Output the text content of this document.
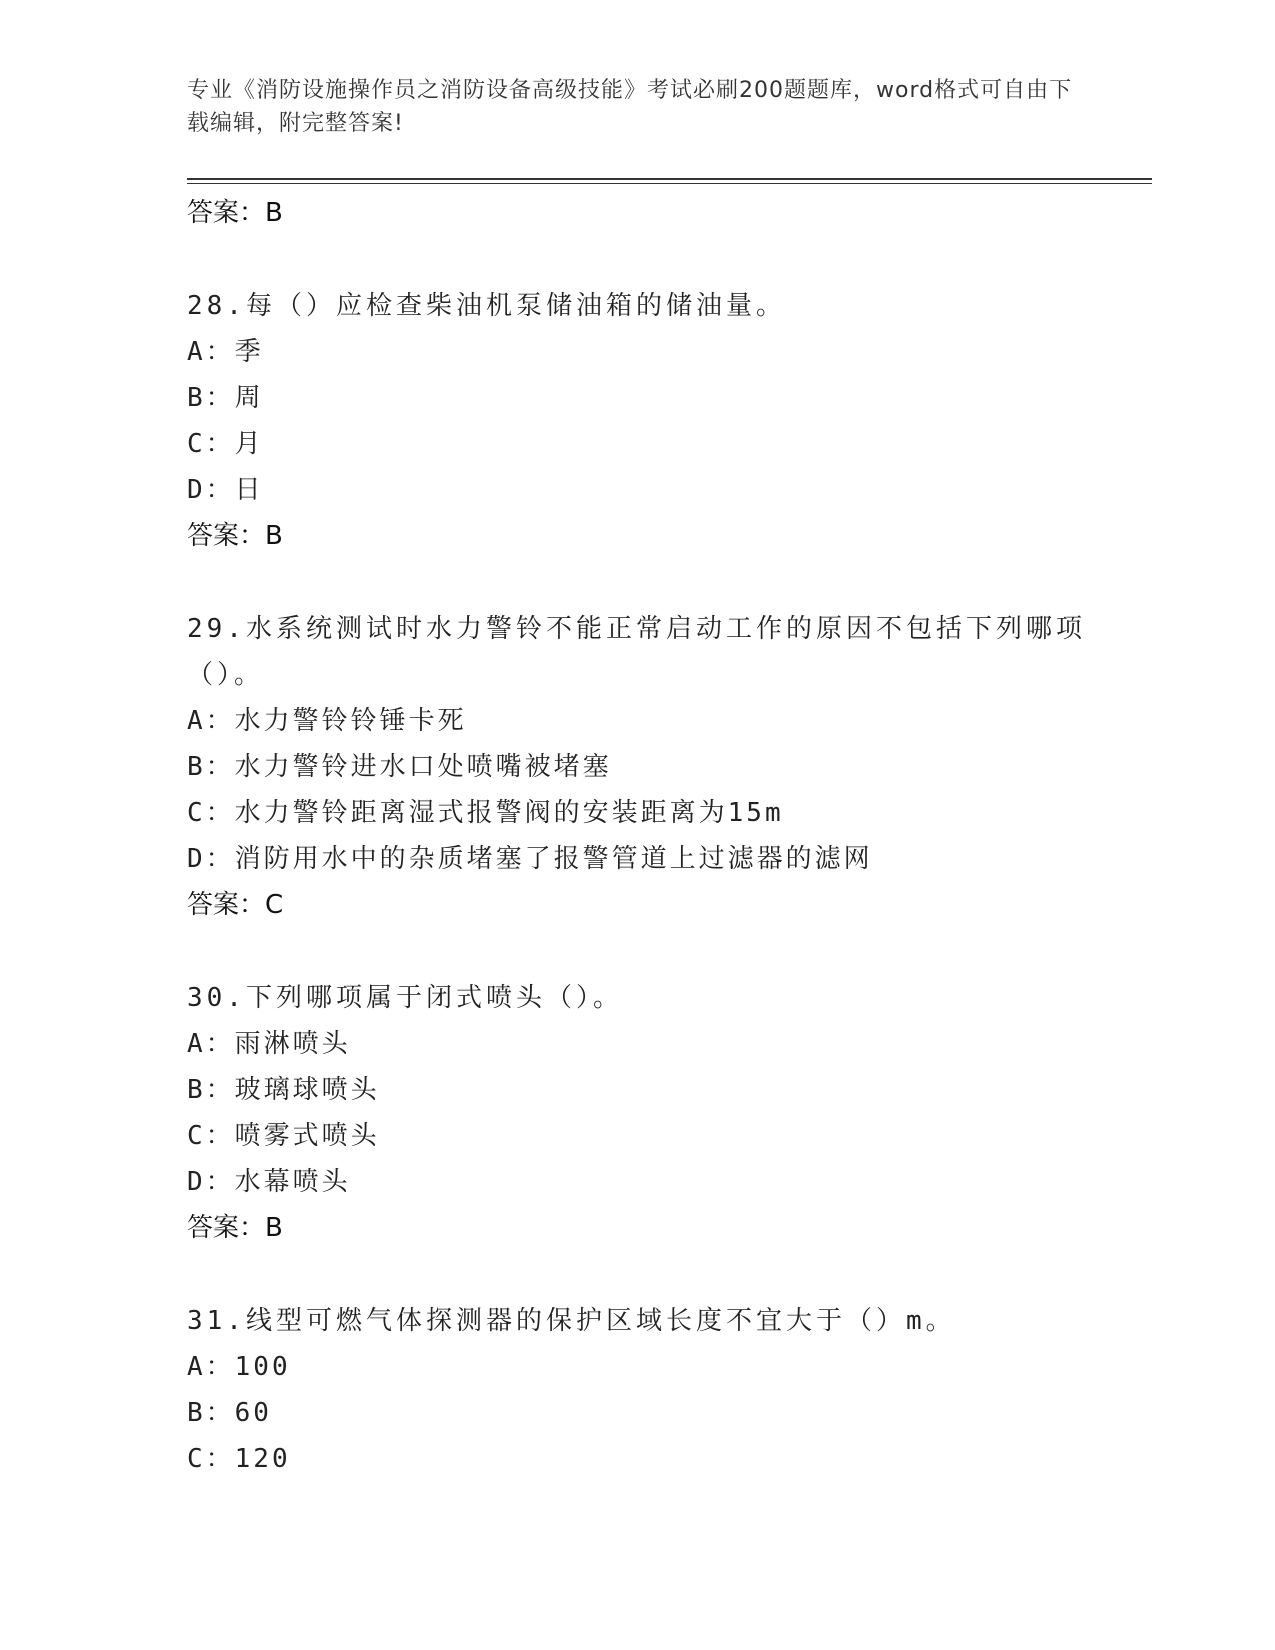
专业《消防设施操作员之消防设备高级技能》考试必刷200题题库，word格式可自由下载编辑，附完整答案!
答案：B
28.每（）应检查柴油机泵储油箱的储油量。
A：季
B：周
C：月
D：日
答案：B
29.水系统测试时水力警铃不能正常启动工作的原因不包括下列哪项（）。
A：水力警铃铃锤卡死
B：水力警铃进水口处喷嘴被堵塞
C：水力警铃距离湿式报警阀的安装距离为15m
D：消防用水中的杂质堵塞了报警管道上过滤器的滤网
答案：C
30.下列哪项属于闭式喷头（）。
A：雨淋喷头
B：玻璃球喷头
C：喷雾式喷头
D：水幕喷头
答案：B
31.线型可燃气体探测器的保护区域长度不宜大于（）m。
A：100
B：60
C：120
